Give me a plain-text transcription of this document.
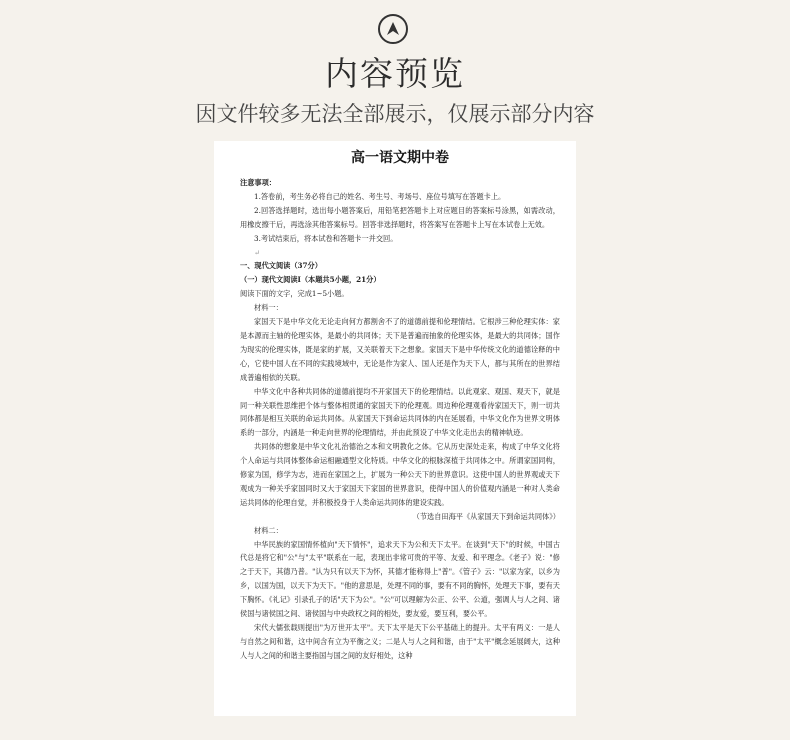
内容预览
因文件较多无法全部展示，仅展示部分内容
高一语文期中卷

注意事项：

1.答卷前，考生务必将自己的姓名、考生号、考场号、座位号填写在答题卡上。

2.回答选择题时，选出每小题答案后，用铅笔把答题卡上对应题目的答案标号涂黑，如需改动，用橡皮擦干后，再选涂其他答案标号。回答非选择题时，将答案写在答题卡上写在本试卷上无效。

3.考试结束后，将本试卷和答题卡一并交回。

↵

一、现代文阅读（37分）

（一）现代文阅读Ⅰ（本题共5小题，21分）

阅读下面的文字，完成1~5小题。

材料一：

家国天下是中华文化无论走向何方都割舍不了的道德前提和伦理情结。它根涉三种伦理实体：家是本源而主轴的伦理实体，是最小的共同体；天下是普遍而抽象的伦理实体，是最大的共同体；国作为现实的伦理实体，既是家的扩展，又关联着天下之想象。家国天下是中华传统文化的道德诠释的中心，它使中国人在不同的实践境域中，无论是作为家人、国人还是作为天下人，都与其所在的世界结成普遍相依的关联。

中华文化中各种共同体的道德前提均不开家国天下的伦理情结。以此观家、观国、观天下，就是同一种关联性思维把个体与整体相贯通的家国天下的伦理观。周边种伦理观看待家国天下，则一切共同体都是相互关联的命运共同体。从家国天下到命运共同体的内在延展看，中华文化作为世界文明体系的一部分，内涵是一种走向世界的伦理情结，并由此预设了中华文化走出去的精神轨迹。

共同体的想象是中华文化礼治德治之本和文明教化之体。它从历史深处走来，构成了中华文化将个人命运与共同体整体命运相融通型文化特质。中华文化的根脉深植于共同体之中。所谓家国同构，修家为国，修学为志，进而在家国之上，扩展为一种公天下的世界意识。这使中国人的世界观或天下观成为一种关乎家国同时又大于家国天下家国的世界意识，使得中国人的价值观内涵是一种对人类命运共同体的伦理自觉，并积极投身于人类命运共同体的建设实践。

（节选自田海平《从家国天下到命运共同体》）

材料二：

中华民族的家国情怀植向"天下情怀"，追求天下为公和天下太平。在谈到"天下"的时候，中国古代总是将它和"公"与"太平"联系在一起，表现出非常可贵的平等、友爱、和平理念。《老子》说："修之于天下，其德乃普。"认为只有以天下为怀，其德才能称得上"普"。《管子》云："以家为家，以乡为乡，以国为国，以天下为天下。"他的意思是，处理不同的事，要有不同的胸怀，处理天下事，要有天下胸怀。《礼记》引录孔子的话"天下为公"。"公"可以理解为公正、公平、公道，强调人与人之间、诸侯国与诸侯国之间、诸侯国与中央政权之间的相处，要友爱，要互利，要公平。

宋代大儒张载则提出"为万世开太平"。天下太平是天下公平基础上的提升。太平有两义：一是人与自然之间和谐，这中间含有立为平衡之义；二是人与人之间和谐，由于"太平"概念延展阔大，这种人与人之间的和谐主要指国与国之间的友好相处，这种
